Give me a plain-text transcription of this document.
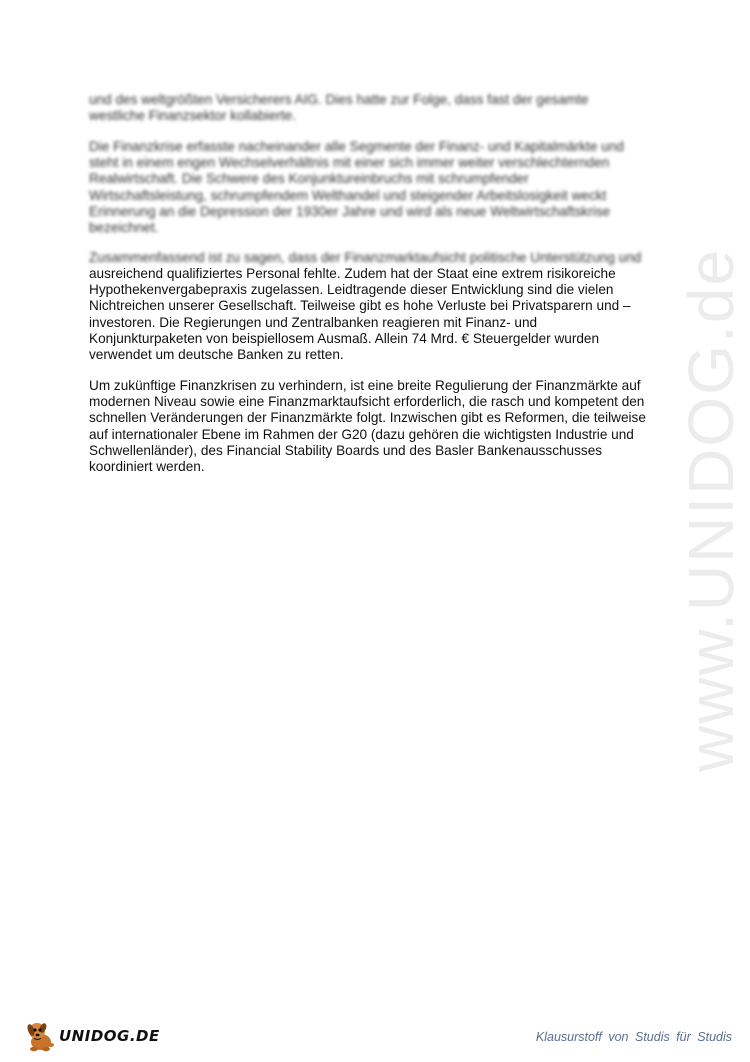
und des weltgrößten Versicherers AIG. Dies hatte zur Folge, dass fast der gesamte
westliche Finanzsektor kollabierte.

Die Finanzkrise erfasste nacheinander alle Segmente der Finanz- und Kapitalmärkte und
steht in einem engen Wechselverhältnis mit einer sich immer weiter verschlechternden
Realwirtschaft. Die Schwere des Konjunktureinbruchs mit schrumpfender
Wirtschaftsleistung, schrumpfendem Welthandel und steigender Arbeitslosigkeit weckt
Erinnerung an die Depression der 1930er Jahre und wird als neue Weltwirtschaftskrise
bezeichnet.

Zusammenfassend ist zu sagen, dass der Finanzmarktaufsicht politische Unterstützung und

ausreichend qualifiziertes Personal fehlte. Zudem hat der Staat eine extrem risikoreiche
Hypothekenvergabepraxis zugelassen. Leidtragende dieser Entwicklung sind die vielen
Nichtreichen unserer Gesellschaft. Teilweise gibt es hohe Verluste bei Privatsparern und –
investoren. Die Regierungen und Zentralbanken reagieren mit Finanz- und
Konjunkturpaketen von beispiellosem Ausmaß. Allein 74 Mrd. € Steuergelder wurden
verwendet um deutsche Banken zu retten.

Um zukünftige Finanzkrisen zu verhindern, ist eine breite Regulierung der Finanzmärkte auf
modernen Niveau sowie eine Finanzmarktaufsicht erforderlich, die rasch und kompetent den
schnellen Veränderungen der Finanzmärkte folgt. Inzwischen gibt es Reformen, die teilweise
auf internationaler Ebene im Rahmen der G20 (dazu gehören die wichtigsten Industrie und
Schwellenländer), des Financial Stability Boards und des Basler Bankenausschusses
koordiniert werden.	www.UNIDOG.de
UNIDOG.DE	Klausurstoff von Studis für Studis
